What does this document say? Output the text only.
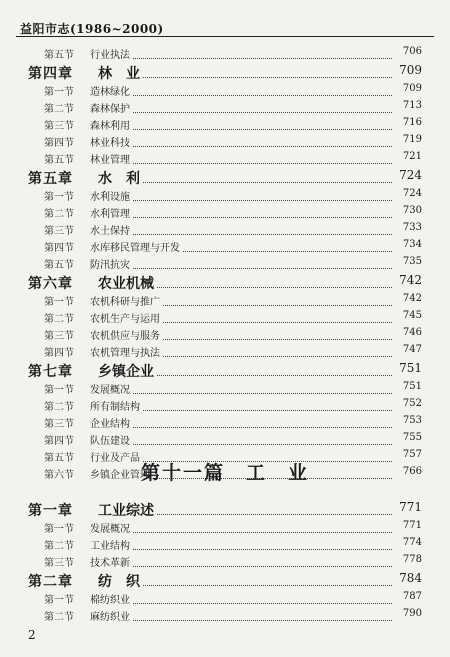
益阳市志(1986~2000)
第五节	行业执法	706
第四章 林　业	709
第一节	造林绿化	709
第二节	森林保护	713
第三节	森林利用	716
第四节	林业科技	719
第五节	林业管理	721
第五章 水　利	724
第一节	水利设施	724
第二节	水利管理	730
第三节	水土保持	733
第四节	水库移民管理与开发	734
第五节	防汛抗灾	735
第六章 农业机械	742
第一节	农机科研与推广	742
第二节	农机生产与运用	745
第三节	农机供应与服务	746
第四节	农机管理与执法	747
第七章 乡镇企业	751
第一节	发展概况	751
第二节	所有制结构	752
第三节	企业结构	753
第四节	队伍建设	755
第五节	行业及产品	757
第六节	乡镇企业管理	766
第十一篇　工　业
第一章 工业综述	771
第一节	发展概况	771
第二节	工业结构	774
第三节	技术革新	778
第二章 纺　织	784
第一节	棉纺织业	787
第二节	麻纺织业	790
2
